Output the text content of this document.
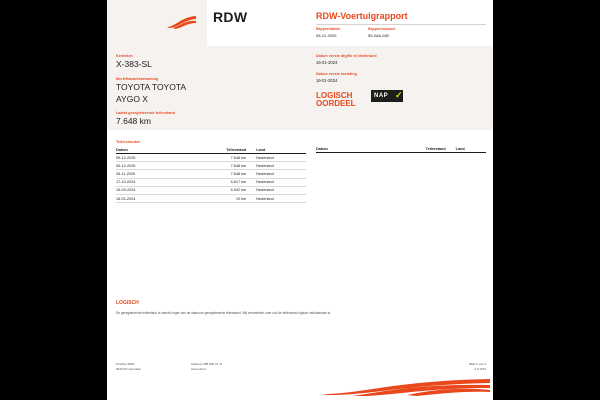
RDW	RDW-Voertuigrapport
Rapportdatum
05-12-2025
Rapportnummer
55-0&6-280
Kenteken
X-383-SL
Merk/Handelsbenaming
TOYOTA TOYOTA
AYGO X
Laatst geregistreerde tellerstand
7.648 km
Datum eerste afgifte in Nederland
16-01-2024
Datum eerste toelating
16-01-2024
LOGISCH
OORDEEL
NAP ✓
Tellerstanden
Datum	Tellerstand	Land
05-12-2025	7.648 km	Nederland
05-12-2025	7.648 km	Nederland
26-11-2025	7.648 km	Nederland
17-10-2024	6.617 km	Nederland
16-09-2024	6.542 km	Nederland
16-01-2024	10 km	Nederland
Datum	Tellerstand	Land
LOGISCH
De geregistreerde tellerstand is steeds hoger dan de daarvoor geregistreerde tellerstand. Wij verstrekken over ook de tellerstand logisch verklaarbaar is.
Postbus 9000
9640 RX Veendam
Telefoon 088 008 74 47
www.rdw.nl
Blad 1 van 3
2.0 1074
